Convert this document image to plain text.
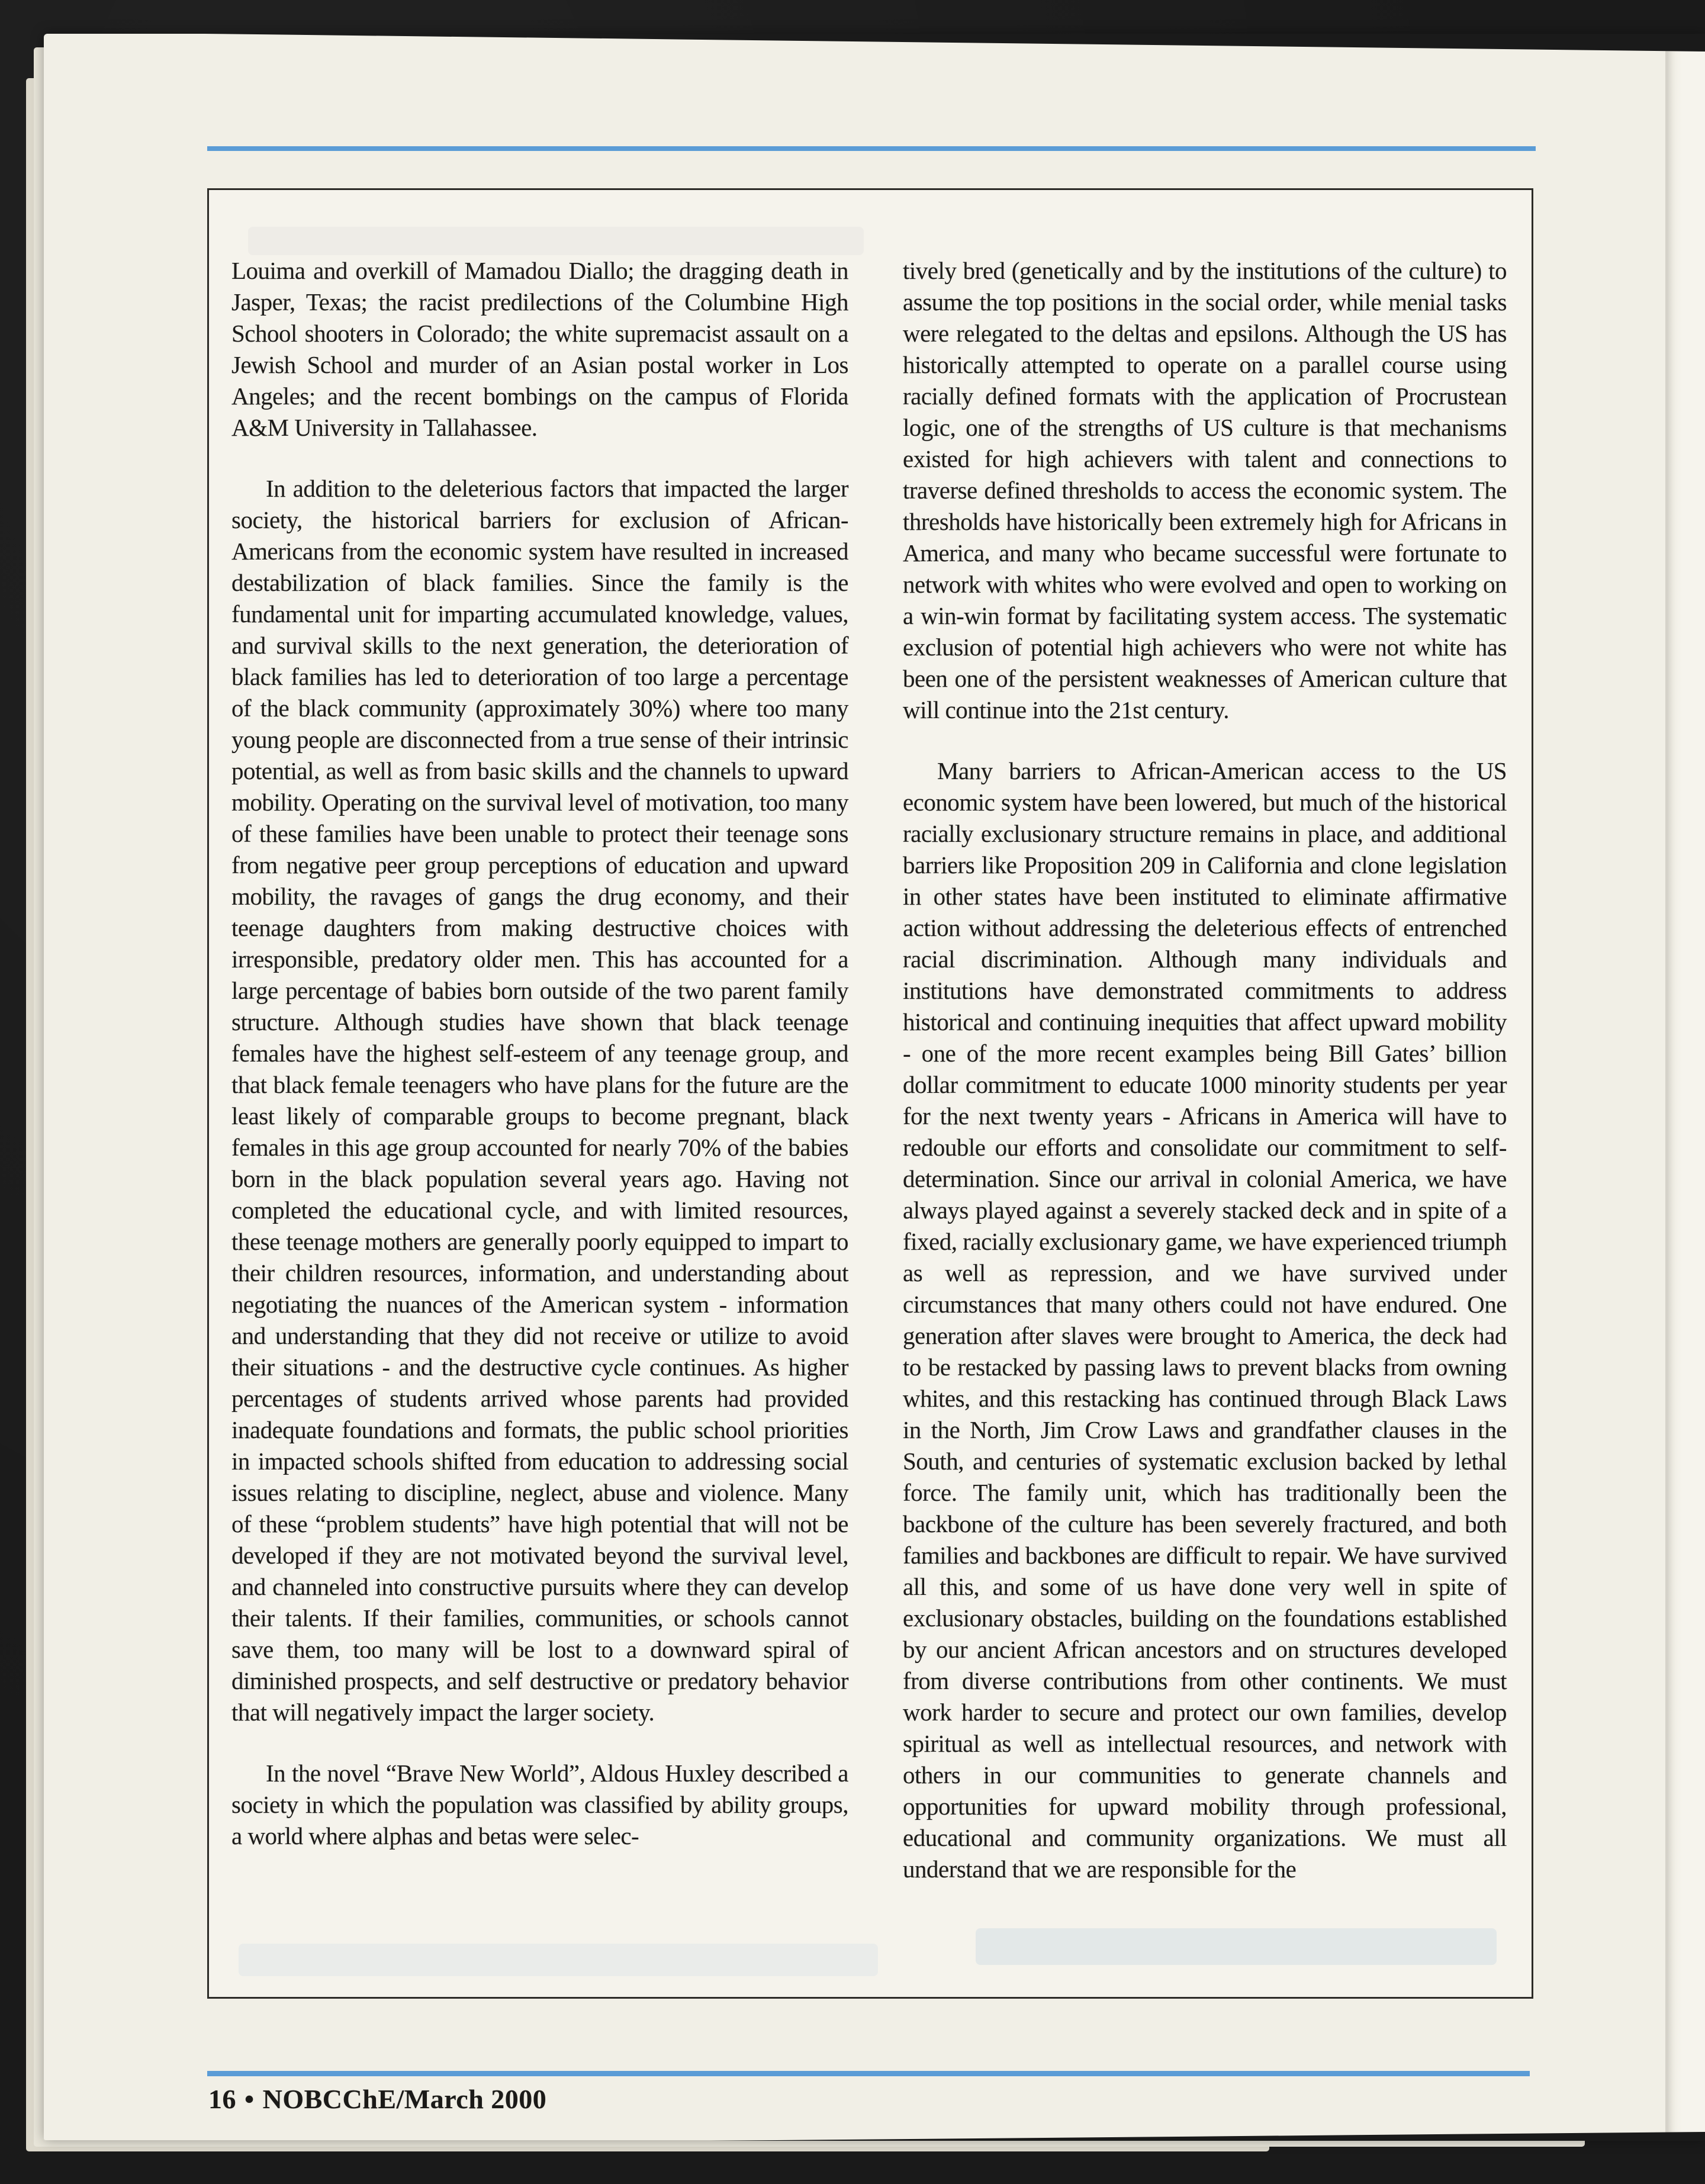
Louima and overkill of Mamadou Diallo; the dragging death in Jasper, Texas; the racist predilections of the Columbine High School shooters in Colorado; the white supremacist assault on a Jewish School and murder of an Asian postal worker in Los Angeles; and the recent bombings on the campus of Florida A&M University in Tallahassee.

In addition to the deleterious factors that impacted the larger society, the historical barriers for exclusion of African-Americans from the economic system have resulted in increased destabilization of black families. Since the family is the fundamental unit for imparting accumulated knowledge, values, and survival skills to the next generation, the deterioration of black families has led to deterioration of too large a percentage of the black community (approximately 30%) where too many young people are disconnected from a true sense of their intrinsic potential, as well as from basic skills and the channels to upward mobility. Operating on the survival level of motivation, too many of these families have been unable to protect their teenage sons from negative peer group perceptions of education and upward mobility, the ravages of gangs the drug economy, and their teenage daughters from making destructive choices with irresponsible, predatory older men. This has accounted for a large percentage of babies born outside of the two parent family structure. Although studies have shown that black teenage females have the highest self-esteem of any teenage group, and that black female teenagers who have plans for the future are the least likely of comparable groups to become pregnant, black females in this age group accounted for nearly 70% of the babies born in the black population several years ago. Having not completed the educational cycle, and with limited resources, these teenage mothers are generally poorly equipped to impart to their children resources, information, and understanding about negotiating the nuances of the American system - information and understanding that they did not receive or utilize to avoid their situations - and the destructive cycle continues. As higher percentages of students arrived whose parents had provided inadequate foundations and formats, the public school priorities in impacted schools shifted from education to addressing social issues relating to discipline, neglect, abuse and violence. Many of these “problem students” have high potential that will not be developed if they are not motivated beyond the survival level, and channeled into constructive pursuits where they can develop their talents. If their families, communities, or schools cannot save them, too many will be lost to a downward spiral of diminished prospects, and self destructive or predatory behavior that will negatively impact the larger society.

In the novel “Brave New World”, Aldous Huxley described a society in which the population was classified by ability groups, a world where alphas and betas were selec-

tively bred (genetically and by the institutions of the culture) to assume the top positions in the social order, while menial tasks were relegated to the deltas and epsilons. Although the US has historically attempted to operate on a parallel course using racially defined formats with the application of Procrustean logic, one of the strengths of US culture is that mechanisms existed for high achievers with talent and connections to traverse defined thresholds to access the economic system. The thresholds have historically been extremely high for Africans in America, and many who became successful were fortunate to network with whites who were evolved and open to working on a win-win format by facilitating system access. The systematic exclusion of potential high achievers who were not white has been one of the persistent weaknesses of American culture that will continue into the 21st century.

Many barriers to African-American access to the US economic system have been lowered, but much of the historical racially exclusionary structure remains in place, and additional barriers like Proposition 209 in California and clone legislation in other states have been instituted to eliminate affirmative action without addressing the deleterious effects of entrenched racial discrimination. Although many individuals and institutions have demonstrated commitments to address historical and continuing inequities that affect upward mobility - one of the more recent examples being Bill Gates’ billion dollar commitment to educate 1000 minority students per year for the next twenty years - Africans in America will have to redouble our efforts and consolidate our commitment to self-determination. Since our arrival in colonial America, we have always played against a severely stacked deck and in spite of a fixed, racially exclusionary game, we have experienced triumph as well as repression, and we have survived under circumstances that many others could not have endured. One generation after slaves were brought to America, the deck had to be restacked by passing laws to prevent blacks from owning whites, and this restacking has continued through Black Laws in the North, Jim Crow Laws and grandfather clauses in the South, and centuries of systematic exclusion backed by lethal force. The family unit, which has traditionally been the backbone of the culture has been severely fractured, and both families and backbones are difficult to repair. We have survived all this, and some of us have done very well in spite of exclusionary obstacles, building on the foundations established by our ancient African ancestors and on structures developed from diverse contributions from other continents. We must work harder to secure and protect our own families, develop spiritual as well as intellectual resources, and network with others in our communities to generate channels and opportunities for upward mobility through professional, educational and community organizations. We must all understand that we are responsible for the

16 • NOBCChE/March 2000
